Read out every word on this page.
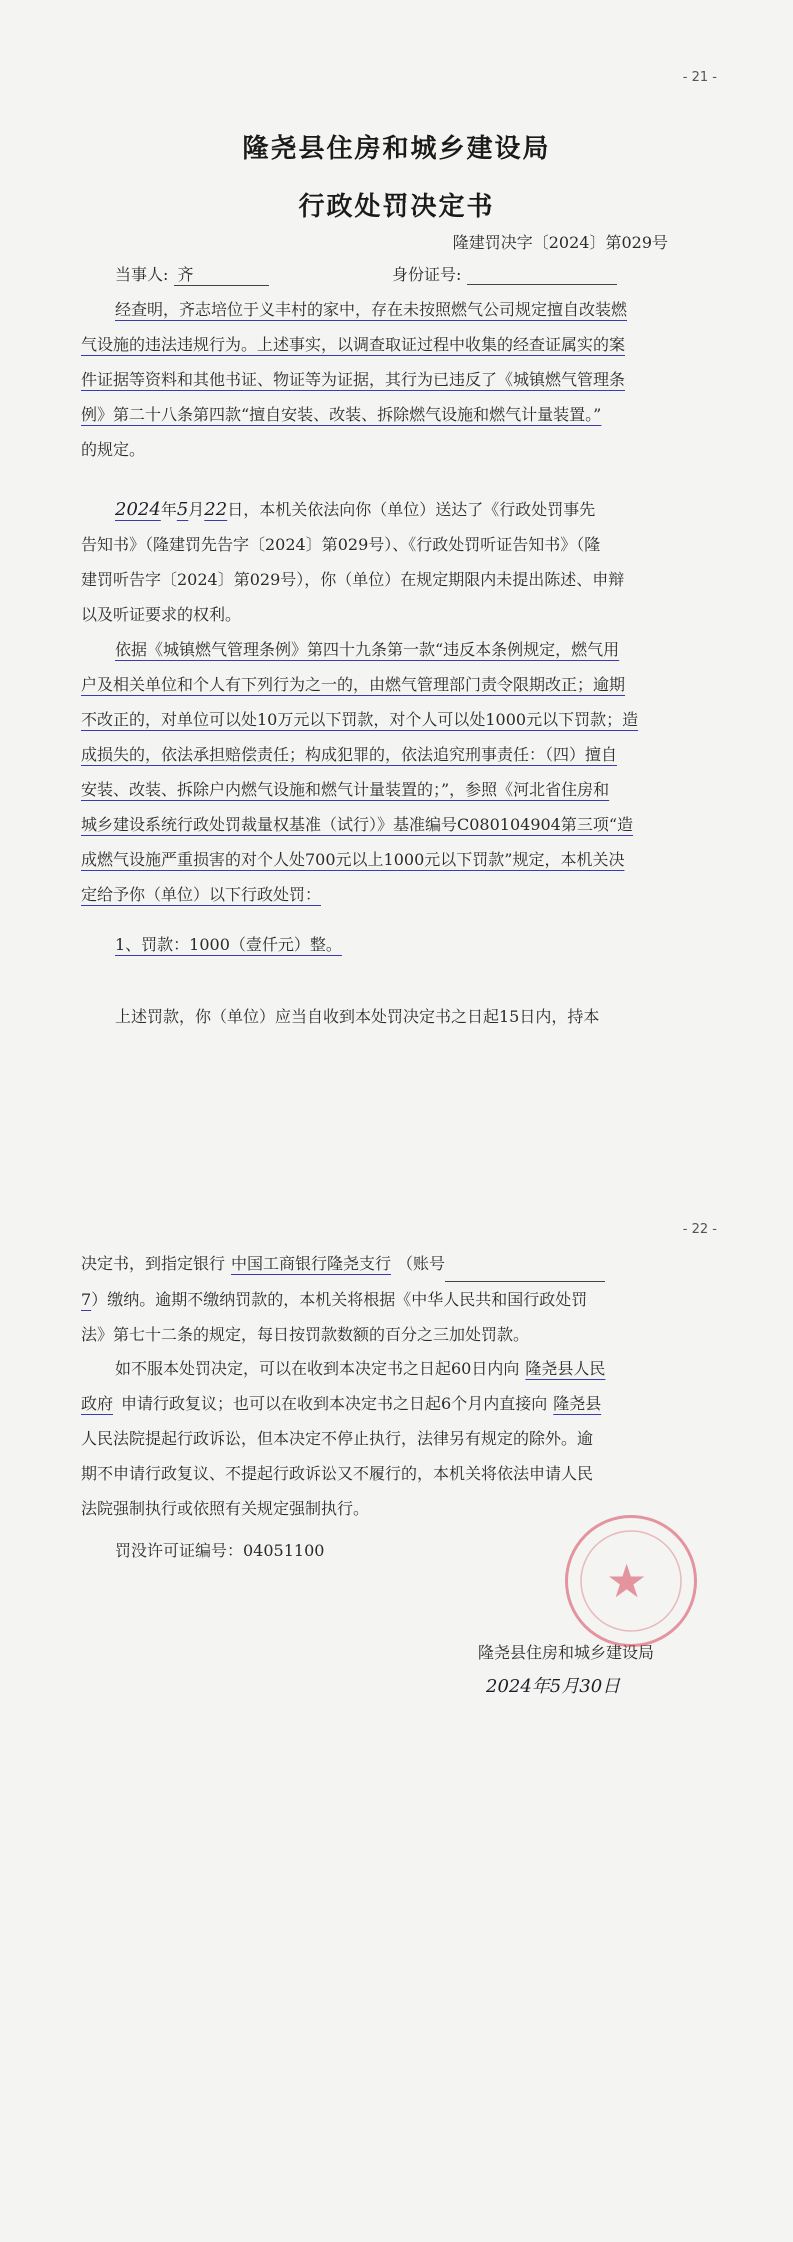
- 21 -

隆尧县住房和城乡建设局
行政处罚决定书

隆建罚决字〔2024〕第029号

当事人: 齐	身份证号:

经查明，齐志培位于义丰村的家中，存在未按照燃气公司规定擅自改装燃
气设施的违法违规行为。上述事实，以调查取证过程中收集的经查证属实的案
件证据等资料和其他书证、物证等为证据，其行为已违反了《城镇燃气管理条
例》第二十八条第四款“擅自安装、改装、拆除燃气设施和燃气计量装置。”
的规定。
2024年5月22日，本机关依法向你（单位）送达了《行政处罚事先
告知书》（隆建罚先告字〔2024〕第029号）、《行政处罚听证告知书》（隆
建罚听告字〔2024〕第029号），你（单位）在规定期限内未提出陈述、申辩
以及听证要求的权利。
依据《城镇燃气管理条例》第四十九条第一款“违反本条例规定，燃气用
户及相关单位和个人有下列行为之一的，由燃气管理部门责令限期改正；逾期
不改正的，对单位可以处10万元以下罚款，对个人可以处1000元以下罚款；造
成损失的，依法承担赔偿责任；构成犯罪的，依法追究刑事责任：（四）擅自
安装、改装、拆除户内燃气设施和燃气计量装置的；”，参照《河北省住房和
城乡建设系统行政处罚裁量权基准（试行）》基准编号C080104904第三项“造
成燃气设施严重损害的对个人处700元以上1000元以下罚款”规定，本机关决
定给予你（单位）以下行政处罚：

1、罚款：1000（壹仟元）整。

上述罚款，你（单位）应当自收到本处罚决定书之日起15日内，持本

- 22 -

决定书，到指定银行 中国工商银行隆尧支行 （账号
7）缴纳。逾期不缴纳罚款的，本机关将根据《中华人民共和国行政处罚
法》第七十二条的规定，每日按罚款数额的百分之三加处罚款。
如不服本处罚决定，可以在收到本决定书之日起60日内向 隆尧县人民
政府 申请行政复议；也可以在收到本决定书之日起6个月内直接向 隆尧县
人民法院提起行政诉讼，但本决定不停止执行，法律另有规定的除外。逾
期不申请行政复议、不提起行政诉讼又不履行的，本机关将依法申请人民
法院强制执行或依照有关规定强制执行。

罚没许可证编号：04051100

隆尧县住房和城乡建设局

2024年5月30日

★
